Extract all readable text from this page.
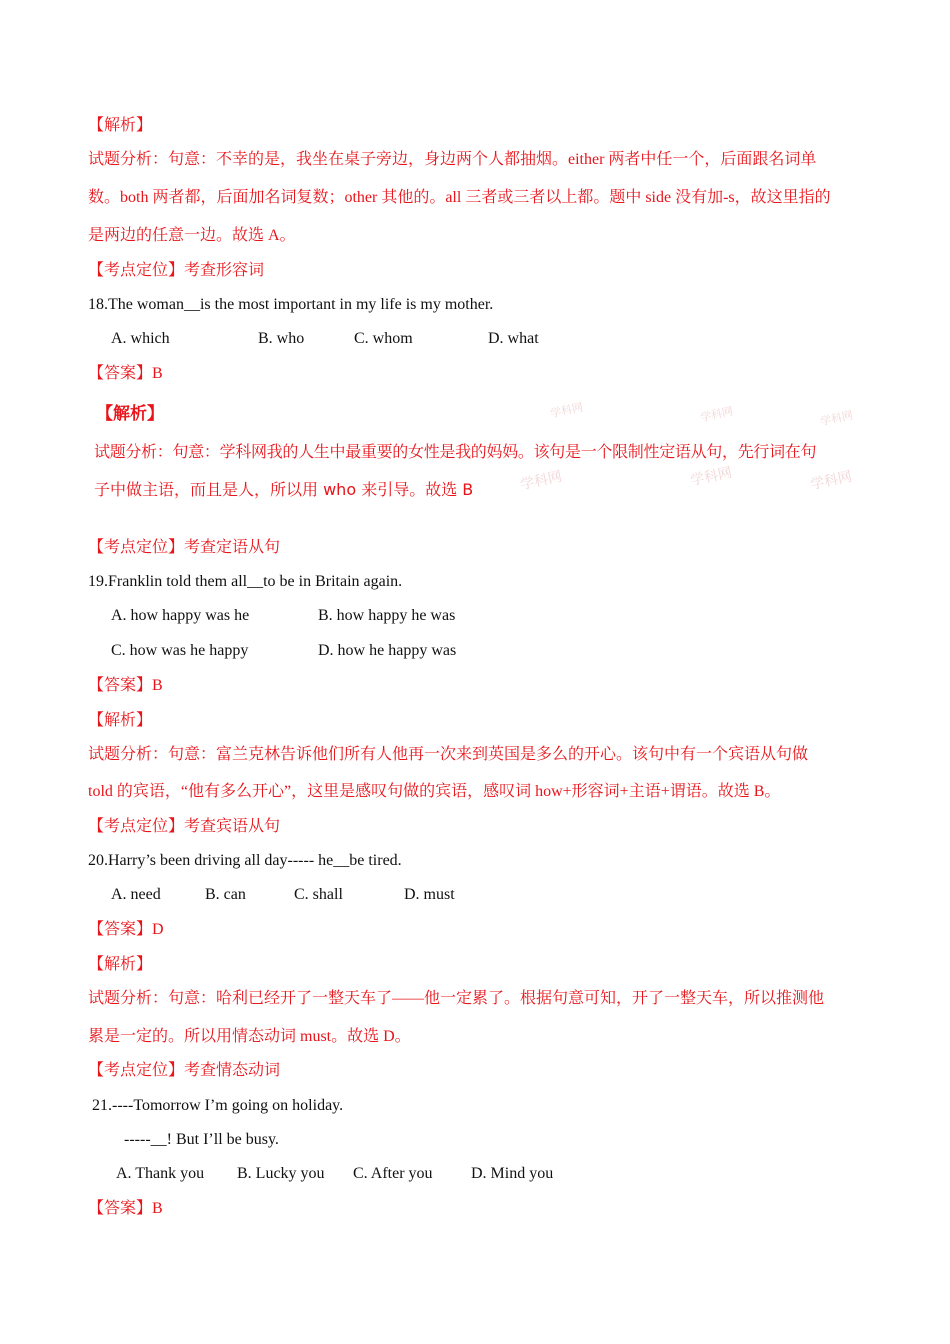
【解析】
试题分析：句意：不幸的是，我坐在桌子旁边，身边两个人都抽烟。either 两者中任一个，后面跟名词单
数。both 两者都，后面加名词复数；other 其他的。all 三者或三者以上都。题中 side 没有加-s，故这里指的
是两边的任意一边。故选 A。
【考点定位】考查形容词
18.The woman__is the most important in my life is my mother.
A. which	B. who	C. whom	D. what
【答案】B
学科网	学科网	学科网
学科网	学科网	学科网
【解析】
试题分析：句意：学科网我的人生中最重要的女性是我的妈妈。该句是一个限制性定语从句，先行词在句
子中做主语，而且是人，所以用 who 来引导。故选 B
【考点定位】考查定语从句
19.Franklin told them all__to be in Britain again.
A. how happy was he	B. how happy he was
C. how was he happy	D. how he happy was
【答案】B
【解析】
试题分析：句意：富兰克林告诉他们所有人他再一次来到英国是多么的开心。该句中有一个宾语从句做
told 的宾语，“他有多么开心”，这里是感叹句做的宾语，感叹词 how+形容词+主语+谓语。故选 B。
【考点定位】考查宾语从句
20.Harry’s been driving all day----- he__be tired.
A. need	B. can	C. shall	D. must
【答案】D
【解析】
试题分析：句意：哈利已经开了一整天车了——他一定累了。根据句意可知，开了一整天车，所以推测他
累是一定的。所以用情态动词 must。故选 D。
【考点定位】考查情态动词
21.----Tomorrow I’m going on holiday.
-----__! But I’ll be busy.
A. Thank you B. Lucky you C. After you D. Mind you
【答案】B
